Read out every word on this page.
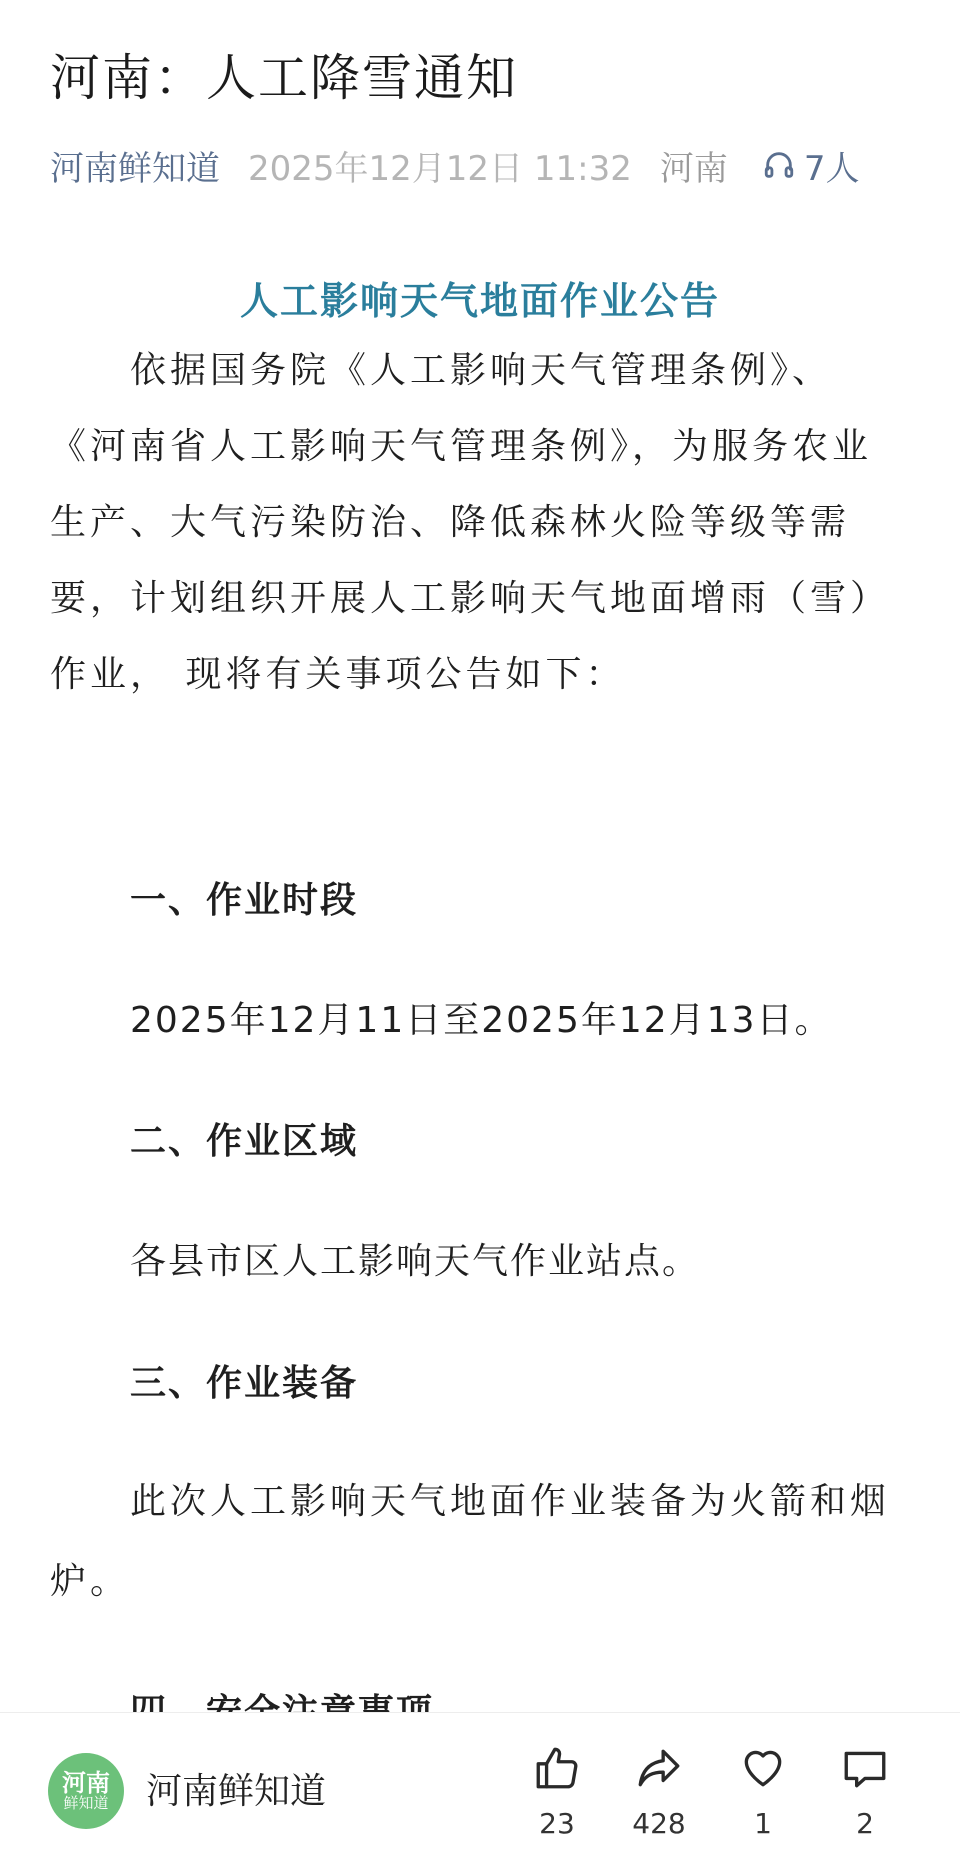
河南：人工降雪通知
河南鲜知道 2025年12月12日 11:32 河南 7人
人工影响天气地面作业公告

依据国务院《人工影响天气管理条例》、

《河南省人工影响天气管理条例》，为服务农业

生产、大气污染防治、降低森林火险等级等需

要，计划组织开展人工影响天气地面增雨（雪）

作业， 现将有关事项公告如下：

一、作业时段
2025年12月11日至2025年12月13日。
二、作业区域
各县市区人工影响天气作业站点。
三、作业装备

此次人工影响天气地面作业装备为火箭和烟

炉。

河南
鲜知道 河南鲜知道
23 428 1	2
